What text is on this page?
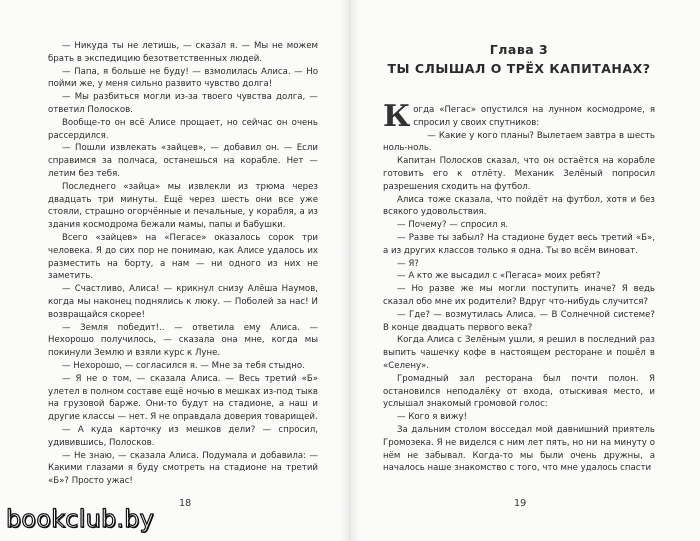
— Никуда ты не летишь, — сказал я. — Мы не можем брать в экспедицию безответственных людей.

— Папа, я больше не буду! — взмолилась Алиса. — Но пойми же, у меня сильно развито чувство долга!

— Мы разбиться могли из-за твоего чувства долга, — ответил Полосков.

Вообще-то он всё Алисе прощает, но сейчас он очень рассердился.

— Пошли извлекать «зайцев», — добавил он. — Если справимся за полчаса, останешься на корабле. Нет — летим без тебя.

Последнего «зайца» мы извлекли из трюма через двадцать три минуты. Ещё через шесть они все уже стояли, страшно огорчённые и печальные, у корабля, а из здания космодрома бежали мамы, папы и бабушки.

Всего «зайцев» на «Пегасе» оказалось сорок три человека. Я до сих пор не понимаю, как Алисе удалось их разместить на борту, а нам — ни одного из них не заметить.

— Счастливо, Алиса! — крикнул снизу Алёша Наумов, когда мы наконец поднялись к люку. — Поболей за нас! И возвращайся скорее!

— Земля победит!.. — ответила ему Алиса. — Нехорошо получилось, — сказала она мне, когда мы покинули Землю и взяли курс к Луне.

— Нехорошо, — согласился я. — Мне за тебя стыдно.

— Я не о том, — сказала Алиса. — Весь третий «Б» улетел в полном составе ещё ночью в мешках из-под тыкв на грузовой барже. Они-то будут на стадионе, а наш и другие классы — нет. Я не оправдала доверия товарищей.

— А куда карточку из мешков дели? — спросил, удивившись, Полосков.

— Не знаю, — сказала Алиса. Подумала и добавила: — Какими глазами я буду смотреть на стадионе на третий «Б»? Просто ужас!

Глава 3
ТЫ СЛЫШАЛ О ТРЁХ КАПИТАНАХ?

Когда «Пегас» опустился на лунном космодроме, я спросил у своих спутников:

— Какие у кого планы? Вылетаем завтра в шесть ноль-ноль.

Капитан Полосков сказал, что он остаётся на корабле готовить его к отлёту. Механик Зелёный попросил разрешения сходить на футбол.

Алиса тоже сказала, что пойдёт на футбол, хотя и без всякого удовольствия.

— Почему? — спросил я.

— Разве ты забыл? На стадионе будет весь третий «Б», а из других классов только я одна. Ты во всём виноват.

— Я?

— А кто же высадил с «Пегаса» моих ребят?

— Но разве же мы могли поступить иначе? Я ведь сказал обо мне их родители? Вдруг что-нибудь случится?

— Где? — возмутилась Алиса. — В Солнечной системе? В конце двадцать первого века?

Когда Алиса с Зелёным ушли, я решил в последний раз выпить чашечку кофе в настоящем ресторане и пошёл в «Селену».

Громадный зал ресторана был почти полон. Я остановился неподалёку от входа, отыскивая место, и услышал знакомый громовой голос:

— Кого я вижу!

За дальним столом восседал мой давнишний приятель Громозека. Я не виделся с ним лет пять, но ни на минуту о нём не забывал. Когда-то мы были очень дружны, а началось наше знакомство с того, что мне удалось спасти

18	19
bookclub.by
